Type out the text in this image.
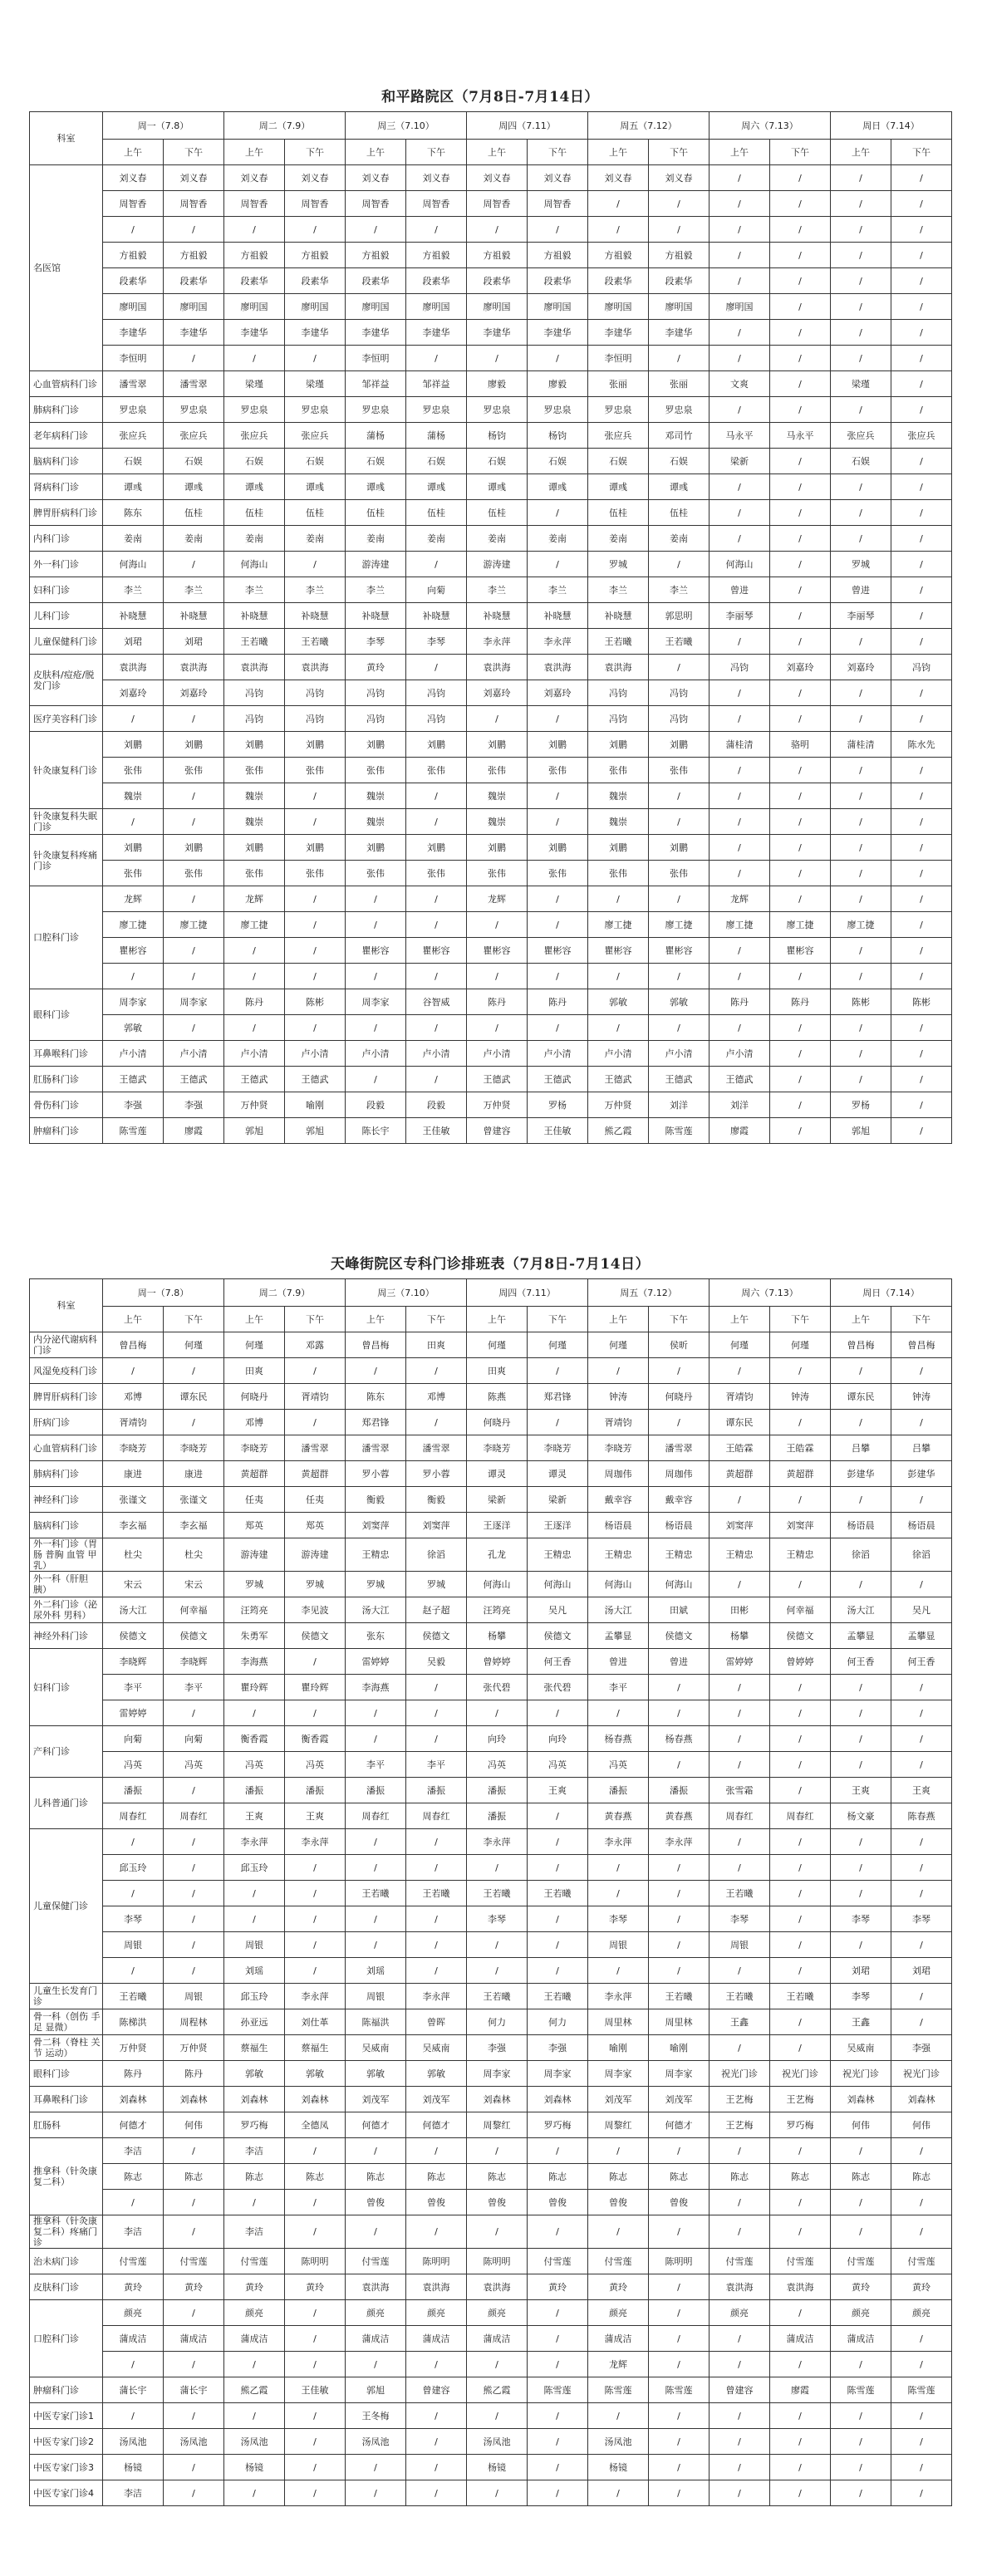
和平路院区（7月8日-7月14日）
科室	周一（7.8）		周二（7.9）		周三（7.10）		周四（7.11）		周五（7.12）		周六（7.13）		周日（7.14）	
	上午	下午	上午	下午	上午	下午	上午	下午	上午	下午	上午	下午	上午	下午
名医馆	刘义春	刘义春	刘义春	刘义春	刘义春	刘义春	刘义春	刘义春	刘义春	刘义春	/	/	/	/
	周智香	周智香	周智香	周智香	周智香	周智香	周智香	周智香	/	/	/	/	/	/
	/	/	/	/	/	/	/	/	/	/	/	/	/	/
	方祖毅	方祖毅	方祖毅	方祖毅	方祖毅	方祖毅	方祖毅	方祖毅	方祖毅	方祖毅	/	/	/	/
	段素华	段素华	段素华	段素华	段素华	段素华	段素华	段素华	段素华	段素华	/	/	/	/
	廖明国	廖明国	廖明国	廖明国	廖明国	廖明国	廖明国	廖明国	廖明国	廖明国	廖明国	/	/	/
	李建华	李建华	李建华	李建华	李建华	李建华	李建华	李建华	李建华	李建华	/	/	/	/
	李恒明	/	/	/	李恒明	/	/	/	李恒明	/	/	/	/	/
心血管病科门诊	潘雪翠	潘雪翠	梁瑾	梁瑾	邹祥益	邹祥益	廖毅	廖毅	张丽	张丽	文爽	/	梁瑾	/
肺病科门诊	罗忠泉	罗忠泉	罗忠泉	罗忠泉	罗忠泉	罗忠泉	罗忠泉	罗忠泉	罗忠泉	罗忠泉	/	/	/	/
老年病科门诊	张应兵	张应兵	张应兵	张应兵	蒲杨	蒲杨	杨钧	杨钧	张应兵	邓司竹	马永平	马永平	张应兵	张应兵
脑病科门诊	石娱	石娱	石娱	石娱	石娱	石娱	石娱	石娱	石娱	石娱	梁新	/	石娱	/
肾病科门诊	谭彧	谭彧	谭彧	谭彧	谭彧	谭彧	谭彧	谭彧	谭彧	谭彧	/	/	/	/
脾胃肝病科门诊	陈东	伍桂	伍桂	伍桂	伍桂	伍桂	伍桂	/	伍桂	伍桂	/	/	/	/
内科门诊	姜南	姜南	姜南	姜南	姜南	姜南	姜南	姜南	姜南	姜南	/	/	/	/
外一科门诊	何海山	/	何海山	/	游涛建	/	游涛建	/	罗城	/	何海山	/	罗城	/
妇科门诊	李兰	李兰	李兰	李兰	李兰	向菊	李兰	李兰	李兰	李兰	曾进	/	曾进	/
儿科门诊	补晓慧	补晓慧	补晓慧	补晓慧	补晓慧	补晓慧	补晓慧	补晓慧	补晓慧	郭思明	李丽琴	/	李丽琴	/
儿童保健科门诊	刘珺	刘珺	王若曦	王若曦	李琴	李琴	李永萍	李永萍	王若曦	王若曦	/	/	/	/
皮肤科/痘疮/脱发门诊	袁洪海	袁洪海	袁洪海	袁洪海	黄玲	/	袁洪海	袁洪海	袁洪海	/	冯钧	刘嘉玲	刘嘉玲	冯钧
	刘嘉玲	刘嘉玲	冯钧	冯钧	冯钧	冯钧	刘嘉玲	刘嘉玲	冯钧	冯钧	/	/	/	/
医疗美容科门诊	/	/	冯钧	冯钧	冯钧	冯钧	/	/	冯钧	冯钧	/	/	/	/
针灸康复科门诊	刘鹏	刘鹏	刘鹏	刘鹏	刘鹏	刘鹏	刘鹏	刘鹏	刘鹏	刘鹏	蒲桂清	骆明	蒲桂清	陈水先
	张伟	张伟	张伟	张伟	张伟	张伟	张伟	张伟	张伟	张伟	/	/	/	/
	魏崇	/	魏崇	/	魏崇	/	魏崇	/	魏崇	/	/	/	/	/
针灸康复科失眠门诊	/	/	魏崇	/	魏崇	/	魏崇	/	魏崇	/	/	/	/	/
针灸康复科疼痛门诊	刘鹏	刘鹏	刘鹏	刘鹏	刘鹏	刘鹏	刘鹏	刘鹏	刘鹏	刘鹏	/	/	/	/
	张伟	张伟	张伟	张伟	张伟	张伟	张伟	张伟	张伟	张伟	/	/	/	/
口腔科门诊	龙辉	/	龙辉	/	/	/	龙辉	/	/	/	龙辉	/	/	/
	廖工捷	廖工捷	廖工捷	/	/	/	/	/	廖工捷	廖工捷	廖工捷	廖工捷	廖工捷	/
	瞿彬容	/	/	/	瞿彬容	瞿彬容	瞿彬容	瞿彬容	瞿彬容	瞿彬容	/	瞿彬容	/	/
	/	/	/	/	/	/	/	/	/	/	/	/	/	/
眼科门诊	周李家	周李家	陈丹	陈彬	周李家	谷智威	陈丹	陈丹	郭敏	郭敏	陈丹	陈丹	陈彬	陈彬
	郭敏	/	/	/	/	/	/	/	/	/	/	/	/	/
耳鼻喉科门诊	卢小清	卢小清	卢小清	卢小清	卢小清	卢小清	卢小清	卢小清	卢小清	卢小清	卢小清	/	/	/
肛肠科门诊	王德武	王德武	王德武	王德武	/	/	王德武	王德武	王德武	王德武	王德武	/	/	/
骨伤科门诊	李强	李强	万仲贤	喻刚	段毅	段毅	万仲贤	罗杨	万仲贤	刘洋	刘洋	/	罗杨	/
肿瘤科门诊	陈雪莲	廖霞	郭旭	郭旭	陈长宇	王佳敏	曾建容	王佳敏	熊乙霞	陈雪莲	廖霞	/	郭旭	/
天峰街院区专科门诊排班表（7月8日-7月14日）
科室	周一（7.8）		周二（7.9）		周三（7.10）		周四（7.11）		周五（7.12）		周六（7.13）		周日（7.14）	
	上午	下午	上午	下午	上午	下午	上午	下午	上午	下午	上午	下午	上午	下午
内分泌代谢病科门诊	曾昌梅	何瑾	何瑾	邓露	曾昌梅	田爽	何瑾	何瑾	何瑾	侯昕	何瑾	何瑾	曾昌梅	曾昌梅
风湿免疫科门诊	/	/	田爽	/	/	/	田爽	/	/	/	/	/	/	/
脾胃肝病科门诊	邓博	谭东民	何晓丹	胥靖钧	陈东	邓博	陈燕	郑君锋	钟涛	何晓丹	胥靖钧	钟涛	谭东民	钟涛
肝病门诊	胥靖钧	/	邓博	/	郑君锋	/	何晓丹	/	胥靖钧	/	谭东民	/	/	/
心血管病科门诊	李晓芳	李晓芳	李晓芳	潘雪翠	潘雪翠	潘雪翠	李晓芳	李晓芳	李晓芳	潘雪翠	王皓霖	王皓霖	吕攀	吕攀
肺病科门诊	康进	康进	黄超群	黄超群	罗小蓉	罗小蓉	谭灵	谭灵	周珈伟	周珈伟	黄超群	黄超群	彭建华	彭建华
神经科门诊	张谨文	张谨文	任夷	任夷	衡毅	衡毅	梁新	梁新	戴幸容	戴幸容	/	/	/	/
脑病科门诊	李玄福	李玄福	郑英	郑英	刘窦萍	刘窦萍	王逐洋	王逐洋	杨语晨	杨语晨	刘窦萍	刘窦萍	杨语晨	杨语晨
外一科门诊（胃肠 普胸 血管 甲乳）	杜尖	杜尖	游涛建	游涛建	王精忠	徐滔	孔龙	王精忠	王精忠	王精忠	王精忠	王精忠	徐滔	徐滔
外一科（肝胆胰）	宋云	宋云	罗城	罗城	罗城	罗城	何海山	何海山	何海山	何海山	/	/	/	/
外二科门诊（泌尿外科 男科）	汤大江	何幸福	汪筠亮	李见波	汤大江	赵子超	汪筠亮	吴凡	汤大江	田斌	田彬	何幸福	汤大江	吴凡
神经外科门诊	侯德文	侯德文	朱勇军	侯德文	张东	侯德文	杨攀	侯德文	孟攀显	侯德文	杨攀	侯德文	孟攀显	孟攀显
妇科门诊	李晓辉	李晓辉	李海燕	/	雷婷婷	吴毅	曾婷婷	何王香	曾进	曾进	雷婷婷	曾婷婷	何王香	何王香
	李平	李平	瞿玲辉	瞿玲辉	李海燕	/	张代碧	张代碧	李平	/	/	/	/	/
	雷婷婷	/	/	/	/	/	/	/	/	/	/	/	/	/
产科门诊	向菊	向菊	衡香霞	衡香霞	/	/	向玲	向玲	杨春燕	杨春燕	/	/	/	/
	冯英	冯英	冯英	冯英	李平	李平	冯英	冯英	冯英	/	/	/	/	/
儿科普通门诊	潘振	/	潘振	潘振	潘振	潘振	潘振	王爽	潘振	潘振	张雪霜	/	王爽	王爽
	周春红	周春红	王爽	王爽	周春红	周春红	潘振	/	黄春燕	黄春燕	周春红	周春红	杨文豪	陈春燕
儿童保健门诊	/	/	李永萍	李永萍	/	/	李永萍	/	李永萍	李永萍	/	/	/	/
	邱玉玲	/	邱玉玲	/	/	/	/	/	/	/	/	/	/	/
	/	/	/	/	王若曦	王若曦	王若曦	王若曦	/	/	王若曦	/	/	/
	李琴	/	/	/	/	/	李琴	/	李琴	/	李琴	/	李琴	李琴
	周银	/	周银	/	/	/	/	/	周银	/	周银	/	/	/
	/	/	刘瑶	/	刘瑶	/	/	/	/	/	/	/	刘珺	刘珺
儿童生长发育门诊	王若曦	周银	邱玉玲	李永萍	周银	李永萍	王若曦	王若曦	李永萍	王若曦	王若曦	王若曦	李琴	/
骨一科（创伤 手足 显微）	陈梯洪	周程林	孙亚远	刘仕革	陈福洪	曾晖	何力	何力	周里林	周里林	王鑫	/	王鑫	/
骨二科（脊柱 关节 运动）	万仲贤	万仲贤	蔡福生	蔡福生	吴威南	吴威南	李强	李强	喻刚	喻刚	/	/	吴威南	李强
眼科门诊	陈丹	陈丹	郭敏	郭敏	郭敏	郭敏	周李家	周李家	周李家	周李家	祝光门诊	祝光门诊	祝光门诊	祝光门诊
耳鼻喉科门诊	刘森林	刘森林	刘森林	刘森林	刘茂军	刘茂军	刘森林	刘森林	刘茂军	刘茂军	王艺梅	王艺梅	刘森林	刘森林
肛肠科	何德才	何伟	罗巧梅	全德凤	何德才	何德才	周黎红	罗巧梅	周黎红	何德才	王艺梅	罗巧梅	何伟	何伟
推拿科（针灸康复二科）	李洁	/	李洁	/	/	/	/	/	/	/	/	/	/	/
	陈志	陈志	陈志	陈志	陈志	陈志	陈志	陈志	陈志	陈志	陈志	陈志	陈志	陈志
	/	/	/	/	曾俊	曾俊	曾俊	曾俊	曾俊	曾俊	/	/	/	/
推拿科（针灸康复二科）疼痛门诊	李洁	/	李洁	/	/	/	/	/	/	/	/	/	/	/
治未病门诊	付雪莲	付雪莲	付雪莲	陈明明	付雪莲	陈明明	陈明明	付雪莲	付雪莲	陈明明	付雪莲	付雪莲	付雪莲	付雪莲
皮肤科门诊	黄玲	黄玲	黄玲	黄玲	袁洪海	袁洪海	袁洪海	黄玲	黄玲	/	袁洪海	袁洪海	黄玲	黄玲
口腔科门诊	颜亮	/	颜亮	/	颜亮	颜亮	颜亮	/	颜亮	/	颜亮	/	颜亮	颜亮
	蒲成洁	蒲成洁	蒲成洁	/	蒲成洁	蒲成洁	蒲成洁	/	蒲成洁	/	/	蒲成洁	蒲成洁	/
	/	/	/	/	/	/	/	/	龙辉	/	/	/	/	/
肿瘤科门诊	蒲长宇	蒲长宇	熊乙霞	王佳敏	郭旭	曾建容	熊乙霞	陈雪莲	陈雪莲	陈雪莲	曾建容	廖霞	陈雪莲	陈雪莲
中医专家门诊1	/	/	/	/	王冬梅	/	/	/	/	/	/	/	/	/
中医专家门诊2	汤凤池	汤凤池	汤凤池	/	汤凤池	/	汤凤池	/	汤凤池	/	/	/	/	/
中医专家门诊3	杨镜	/	杨镜	/	/	/	杨镜	/	杨镜	/	/	/	/	/
中医专家门诊4	李洁	/	/	/	/	/	/	/	/	/	/	/	/	/
